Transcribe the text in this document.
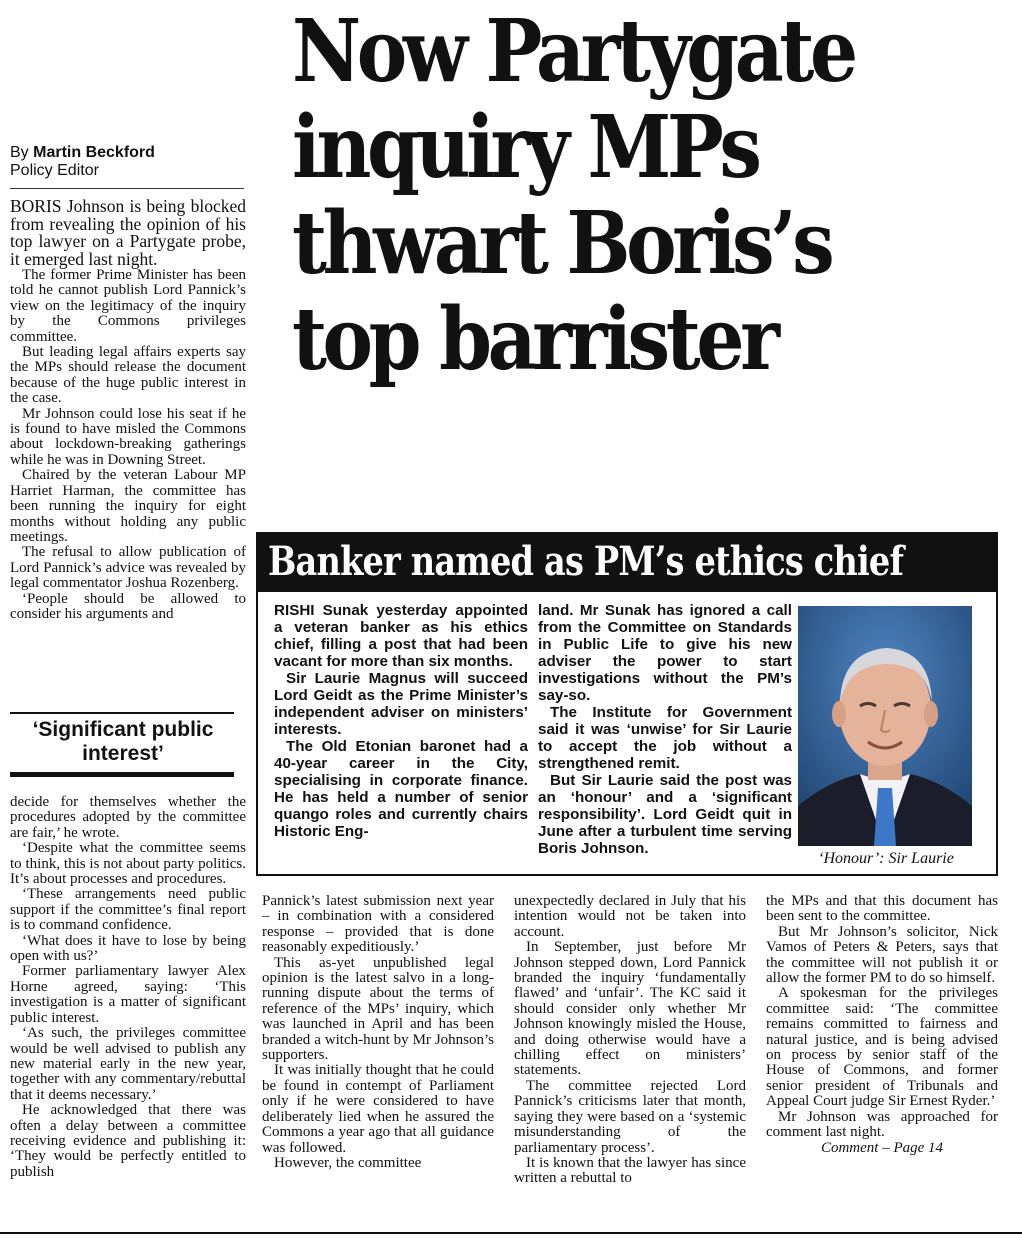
Now Partygate
inquiry MPs
thwart Boris’s
top barrister
By Martin Beckford
Policy Editor

BORIS Johnson is being blocked from revealing the opinion of his top lawyer on a Partygate probe, it emerged last night.

The former Prime Minister has been told he cannot publish Lord Pannick’s view on the legitimacy of the inquiry by the Commons privileges committee.

But leading legal affairs experts say the MPs should release the document because of the huge public interest in the case.

Mr Johnson could lose his seat if he is found to have misled the Commons about lockdown-breaking gatherings while he was in Downing Street.

Chaired by the veteran Labour MP Harriet Harman, the committee has been running the inquiry for eight months without holding any public meetings.

The refusal to allow publication of Lord Pannick’s advice was revealed by legal commentator Joshua Rozenberg.

‘People should be allowed to consider his arguments and

‘Significant public interest’

decide for themselves whether the procedures adopted by the committee are fair,’ he wrote.

‘Despite what the committee seems to think, this is not about party politics. It’s about processes and procedures.

‘These arrangements need public support if the committee’s final report is to command confidence.

‘What does it have to lose by being open with us?’

Former parliamentary lawyer Alex Horne agreed, saying: ‘This investigation is a matter of significant public interest.

‘As such, the privileges committee would be well advised to publish any new material early in the new year, together with any commentary/rebuttal that it deems necessary.’

He acknowledged that there was often a delay between a committee receiving evidence and publishing it: ‘They would be perfectly entitled to publish

Banker named as PM’s ethics chief

RISHI Sunak yesterday appointed a veteran banker as his ethics chief, filling a post that had been vacant for more than six months.

Sir Laurie Magnus will succeed Lord Geidt as the Prime Minister’s independent adviser on ministers’ interests.

The Old Etonian baronet had a 40-year career in the City, specialising in corporate finance. He has held a number of senior quango roles and currently chairs Historic Eng-

land. Mr Sunak has ignored a call from the Committee on Standards in Public Life to give his new adviser the power to start investigations without the PM’s say-so.

The Institute for Government said it was ‘unwise’ for Sir Laurie to accept the job without a strengthened remit.

But Sir Laurie said the post was an ‘honour’ and a ‘significant responsibility’. Lord Geidt quit in June after a turbulent time serving Boris Johnson.

‘Honour’: Sir Laurie

Pannick’s latest submission next year – in combination with a considered response – provided that is done reasonably expeditiously.’

This as-yet unpublished legal opinion is the latest salvo in a long-running dispute about the terms of reference of the MPs’ inquiry, which was launched in April and has been branded a witch-hunt by Mr Johnson’s supporters.

It was initially thought that he could be found in contempt of Parliament only if he were considered to have deliberately lied when he assured the Commons a year ago that all guidance was followed.

However, the committee

unexpectedly declared in July that his intention would not be taken into account.

In September, just before Mr Johnson stepped down, Lord Pannick branded the inquiry ‘fundamentally flawed’ and ‘unfair’. The KC said it should consider only whether Mr Johnson knowingly misled the House, and doing otherwise would have a chilling effect on ministers’ statements.

The committee rejected Lord Pannick’s criticisms later that month, saying they were based on a ‘systemic misunderstanding of the parliamentary process’.

It is known that the lawyer has since written a rebuttal to

the MPs and that this document has been sent to the committee.

But Mr Johnson’s solicitor, Nick Vamos of Peters & Peters, says that the committee will not publish it or allow the former PM to do so himself.

A spokesman for the privileges committee said: ‘The committee remains committed to fairness and natural justice, and is being advised on process by senior staff of the House of Commons, and former senior president of Tribunals and Appeal Court judge Sir Ernest Ryder.’

Mr Johnson was approached for comment last night.

Comment – Page 14
